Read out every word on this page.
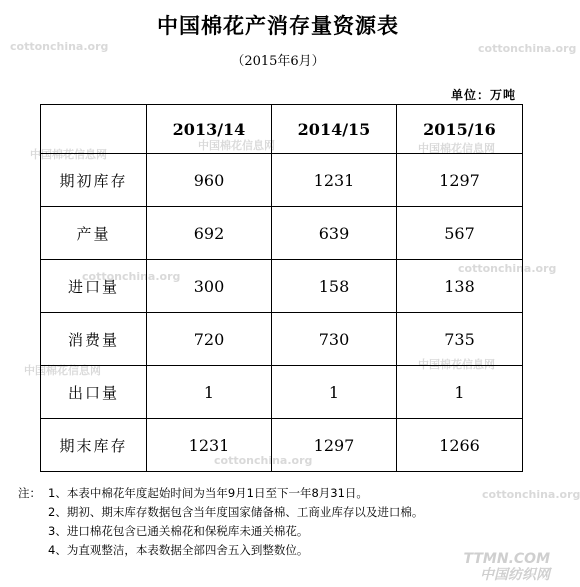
cottonchina.org	cottonchina.org
中国棉花信息网
中国棉花信息网	中国棉花信息网
cottonchina.org
cottonchina.org
中国棉花信息网	中国棉花信息网
cottonchina.org
cottonchina.org
中国棉花产消存量资源表
（2015年6月）
单位：万吨
	2013/14	2014/15	2015/16
期初库存	960	1231	1297
产量	692	639	567
进口量	300	158	138
消费量	720	730	735
出口量	1	1	1
期末库存	1231	1297	1266
注： 1、本表中棉花年度起始时间为当年9月1日至下一年8月31日。
2、期初、期末库存数据包含当年度国家储备棉、工商业库存以及进口棉。
3、进口棉花包含已通关棉花和保税库未通关棉花。
4、为直观整洁，本表数据全部四舍五入到整数位。
TTMN.COM
中国纺织网
